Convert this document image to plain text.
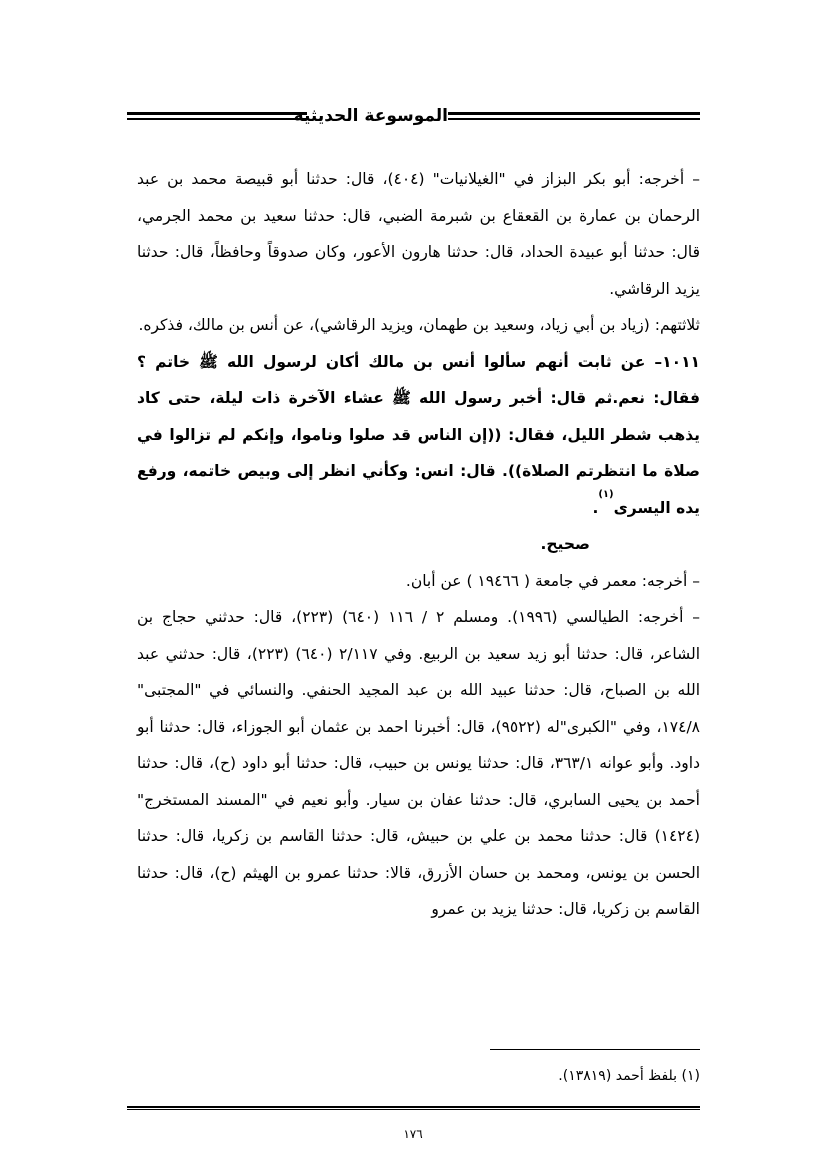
الموسوعة الحديثية

– أخرجه: أبو بكر البزاز في "الغيلانيات" (٤٠٤)، قال: حدثنا أبو قبيصة محمد بن عبد الرحمان بن عمارة بن القعقاع بن شبرمة الضبي، قال: حدثنا سعيد بن محمد الجرمي، قال: حدثنا أبو عبيدة الحداد، قال: حدثنا هارون الأعور، وكان صدوقاً وحافظاً، قال: حدثنا يزيد الرقاشي.

ثلاثتهم: (زياد بن أبي زياد، وسعيد بن طهمان، ويزيد الرقاشي)، عن أنس بن مالك، فذكره.

١٠١١– عن ثابت أنهم سألوا أنس بن مالك أكان لرسول الله ﷺ خاتم ؟ فقال: نعم.ثم قال: أخبر رسول الله ﷺ عشاء الآخرة ذات ليلة، حتى كاد يذهب شطر الليل، فقال: ((إن الناس قد صلوا وناموا، وإنكم لم تزالوا في صلاة ما انتظرتم الصلاة)). قال: انس: وكأني انظر إلى وبيص خاتمه، ورفع يده اليسرى$^{(١)}$.

صحيح.

– أخرجه: معمر في جامعة ( ١٩٤٦٦ ) عن أبان.

– أخرجه: الطيالسي (١٩٩٦). ومسلم ٢ / ١١٦ (٦٤٠) (٢٢٣)، قال: حدثني حجاج بن الشاعر، قال: حدثنا أبو زيد سعيد بن الربيع. وفي ٢/١١٧ (٦٤٠) (٢٢٣)، قال: حدثني عبد الله بن الصباح، قال: حدثنا عبيد الله بن عبد المجيد الحنفي. والنسائي في "المجتبى" ١٧٤/٨، وفي "الكبرى"له (٩٥٢٢)، قال: أخبرنا احمد بن عثمان أبو الجوزاء، قال: حدثنا أبو داود. وأبو عوانه ٣٦٣/١، قال: حدثنا يونس بن حبيب، قال: حدثنا أبو داود (ح)، قال: حدثنا أحمد بن يحيى السابري، قال: حدثنا عفان بن سيار. وأبو نعيم في "المسند المستخرج"(١٤٢٤) قال: حدثنا محمد بن علي بن حبيش، قال: حدثنا القاسم بن زكريا، قال: حدثنا الحسن بن يونس، ومحمد بن حسان الأزرق، قالا: حدثنا عمرو بن الهيثم (ح)، قال: حدثنا القاسم بن زكريا، قال: حدثنا يزيد بن عمرو

(١) بلفظ أحمد (١٣٨١٩).
١٧٦
